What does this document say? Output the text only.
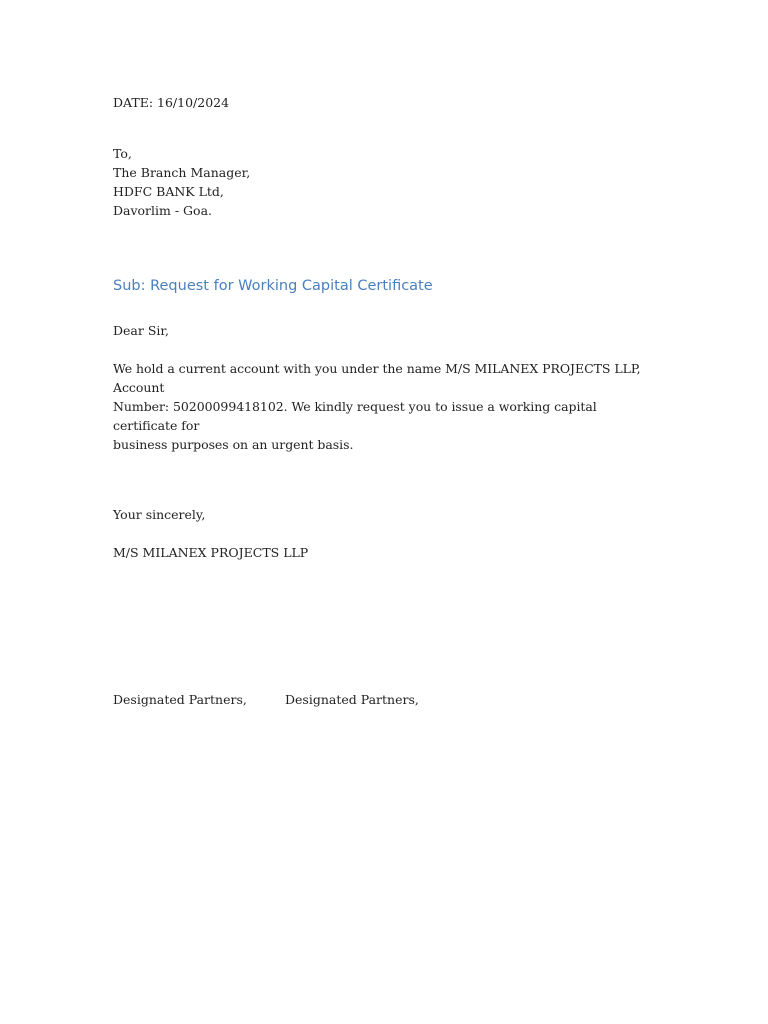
DATE: 16/10/2024
To,
The Branch Manager,
HDFC BANK Ltd,
Davorlim - Goa.
Sub: Request for Working Capital Certificate
Dear Sir,
We hold a current account with you under the name M/S MILANEX PROJECTS LLP, Account
Number: 50200099418102. We kindly request you to issue a working capital certificate for
business purposes on an urgent basis.
Your sincerely,
M/S MILANEX PROJECTS LLP
Designated Partners,	Designated Partners,
